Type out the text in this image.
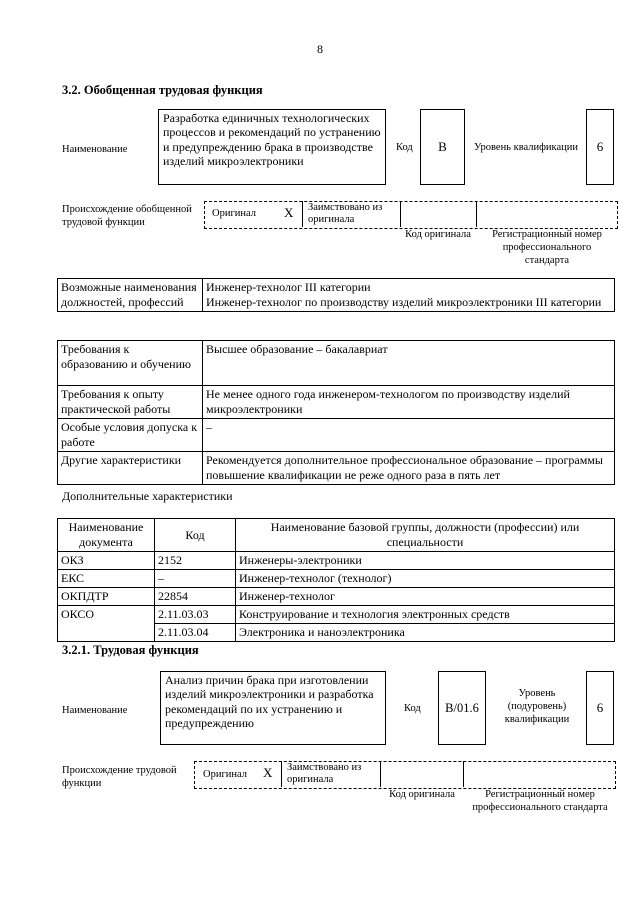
8
3.2. Обобщенная трудовая функция
Наименование
Разработка единичных технологических процессов и рекомендаций по устранению и предупреждению брака в производстве изделий микроэлектроники
Код B	Уровень квалификации 6
Происхождение обобщенной трудовой функции
Оригинал X Заимствовано из оригинала
Код оригинала	Регистрационный номер профессионального стандарта
Возможные наименования должностей, профессий	
Инженер-технолог III категории
Инженер-технолог по производству изделий микроэлектроники III категории
Требования к образованию и обучению	Высшее образование – бакалавриат
Требования к опыту практической работы	Не менее одного года инженером-технологом по производству изделий микроэлектроники
Особые условия допуска к работе	–
Другие характеристики	Рекомендуется дополнительное профессиональное образование – программы повышение квалификации не реже одного раза в пять лет
Дополнительные характеристики
Наименование документа	Код	Наименование базовой группы, должности (профессии) или специальности
ОКЗ	2152	Инженеры-электроники
ЕКС	–	Инженер-технолог (технолог)
ОКПДТР	22854	Инженер-технолог
ОКСО	2.11.03.03	Конструирование и технология электронных средств
	2.11.03.04	Электроника и наноэлектроника
3.2.1. Трудовая функция
Наименование
Анализ причин брака при изготовлении изделий микроэлектроники и разработка рекомендаций по их устранению и предупреждению
Код B/01.6
Уровень (подуровень) квалификации
6
Происхождение трудовой функции
Оригинал X Заимствовано из оригинала
Код оригинала	Регистрационный номер профессионального стандарта
